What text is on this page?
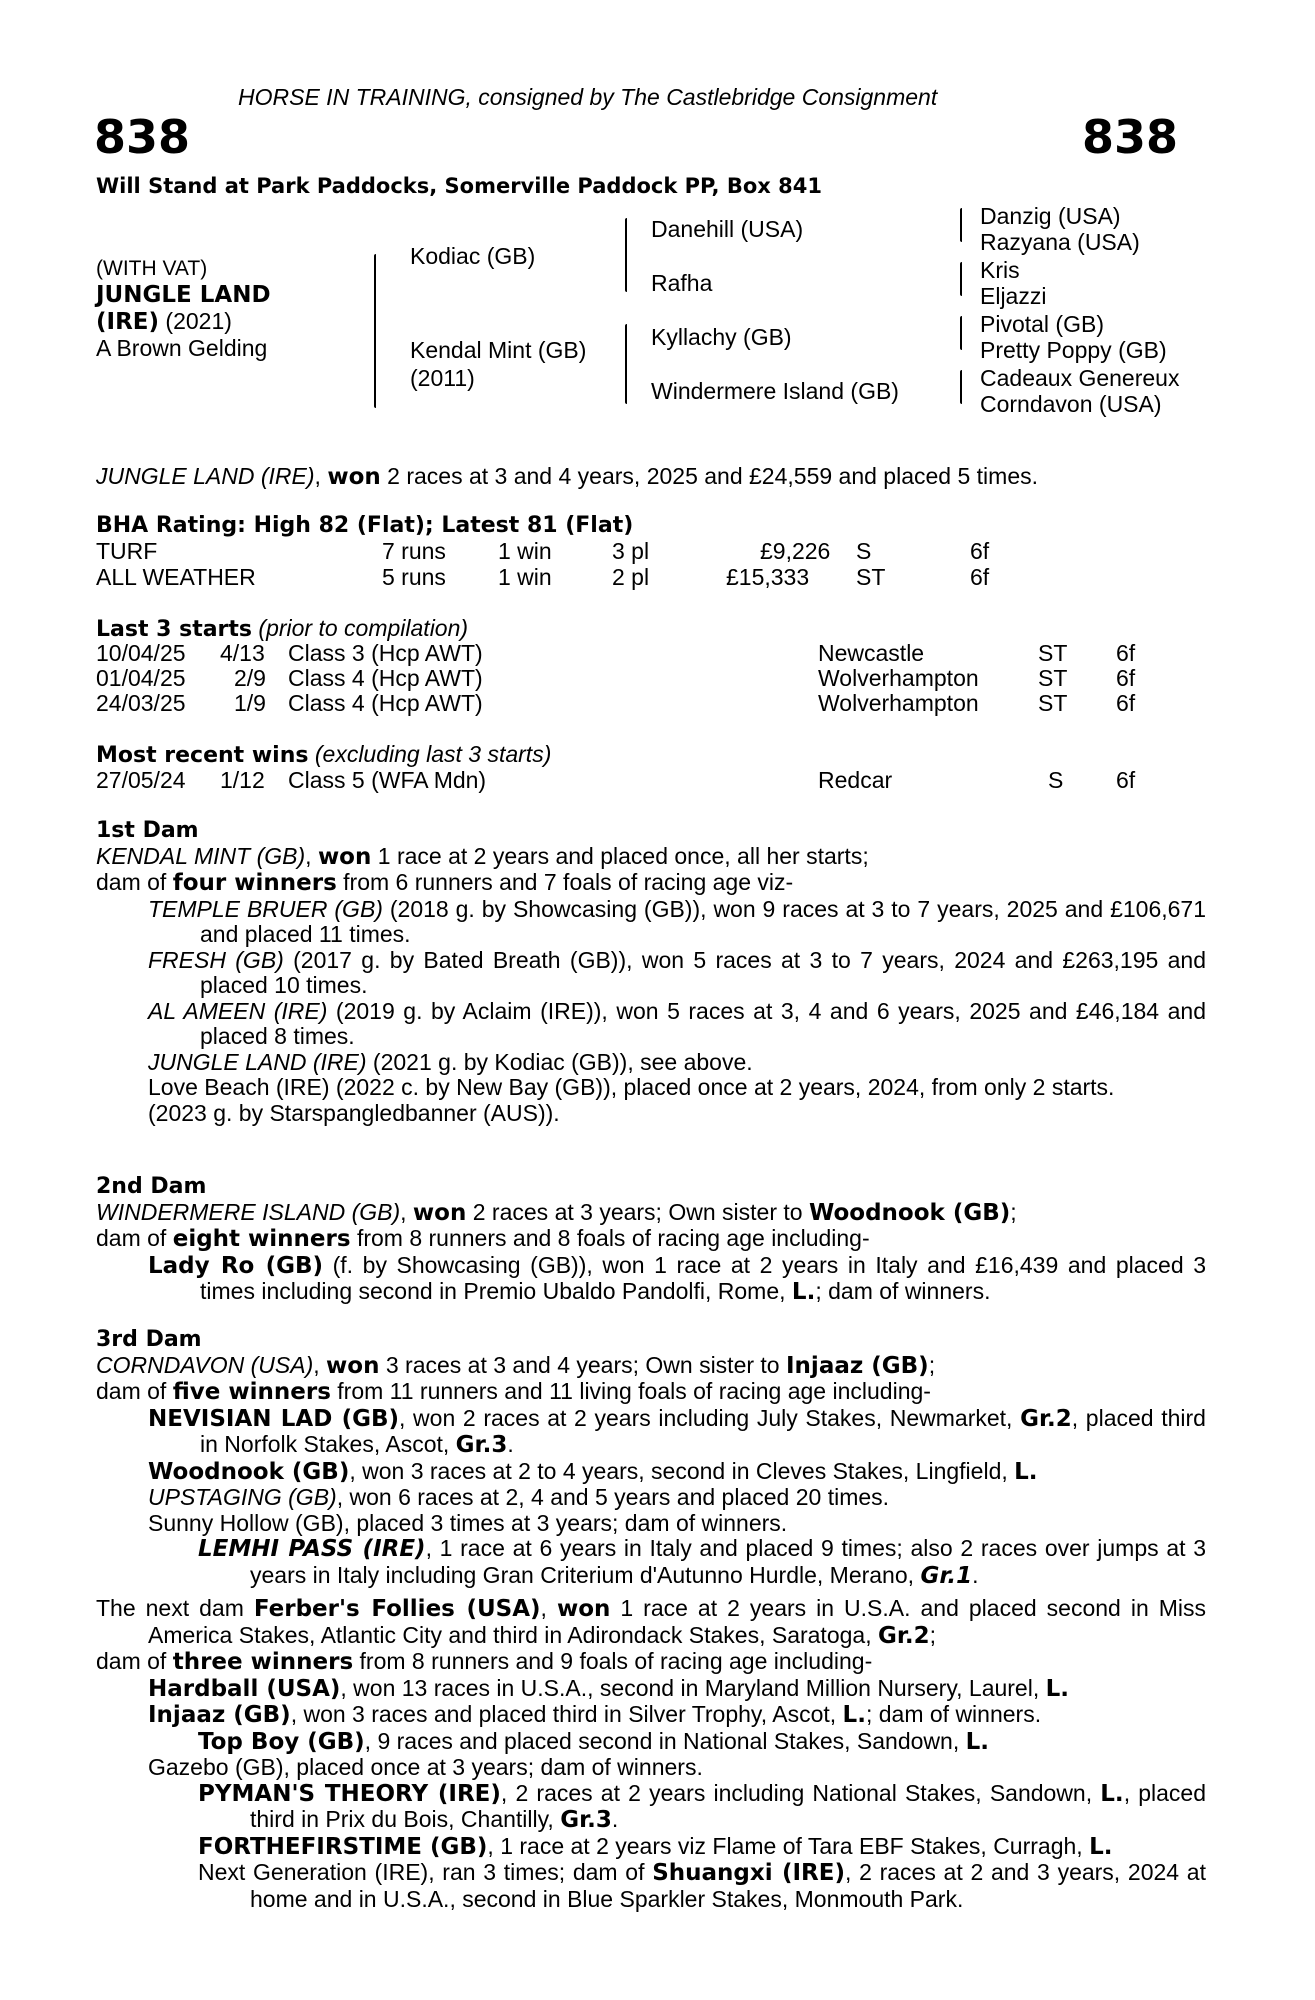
HORSE IN TRAINING, consigned by The Castlebridge Consignment
838	838
Will Stand at Park Paddocks, Somerville Paddock PP, Box 841
(WITH VAT)
JUNGLE LAND
(IRE) (2021)
A Brown Gelding
Kodiac (GB)
Kendal Mint (GB)
(2011)
Danehill (USA)
Rafha
Kyllachy (GB)
Windermere Island (GB)
Danzig (USA)
Razyana (USA)
Kris
Eljazzi
Pivotal (GB)
Pretty Poppy (GB)
Cadeaux Genereux
Corndavon (USA)
JUNGLE LAND (IRE), won 2 races at 3 and 4 years, 2025 and £24,559 and placed 5 times.
BHA Rating: High 82 (Flat); Latest 81 (Flat)
TURF	7 runs 1 win	3 pl	£9,226 S	6f
ALL WEATHER	5 runs 1 win	2 pl	£15,333 ST	6f
Last 3 starts (prior to compilation)
10/04/25 4/13 Class 3 (Hcp AWT)	Newcastle	ST 6f
01/04/25 2/9 Class 4 (Hcp AWT)	Wolverhampton	ST 6f
24/03/25 1/9 Class 4 (Hcp AWT)	Wolverhampton	ST 6f
Most recent wins (excluding last 3 starts)
27/05/24 1/12 Class 5 (WFA Mdn)	Redcar	S 6f
1st Dam
KENDAL MINT (GB), won 1 race at 2 years and placed once, all her starts;
dam of four winners from 6 runners and 7 foals of racing age viz-
TEMPLE BRUER (GB) (2018 g. by Showcasing (GB)), won 9 races at 3 to 7 years, 2025 and £106,671 and placed 11 times.
FRESH (GB) (2017 g. by Bated Breath (GB)), won 5 races at 3 to 7 years, 2024 and £263,195 and placed 10 times.
AL AMEEN (IRE) (2019 g. by Aclaim (IRE)), won 5 races at 3, 4 and 6 years, 2025 and £46,184 and placed 8 times.
JUNGLE LAND (IRE) (2021 g. by Kodiac (GB)), see above.
Love Beach (IRE) (2022 c. by New Bay (GB)), placed once at 2 years, 2024, from only 2 starts.
(2023 g. by Starspangledbanner (AUS)).
2nd Dam
WINDERMERE ISLAND (GB), won 2 races at 3 years; Own sister to Woodnook (GB);
dam of eight winners from 8 runners and 8 foals of racing age including-
Lady Ro (GB) (f. by Showcasing (GB)), won 1 race at 2 years in Italy and £16,439 and placed 3 times including second in Premio Ubaldo Pandolfi, Rome, L.; dam of winners.
3rd Dam
CORNDAVON (USA), won 3 races at 3 and 4 years; Own sister to Injaaz (GB);
dam of five winners from 11 runners and 11 living foals of racing age including-
NEVISIAN LAD (GB), won 2 races at 2 years including July Stakes, Newmarket, Gr.2, placed third in Norfolk Stakes, Ascot, Gr.3.
Woodnook (GB), won 3 races at 2 to 4 years, second in Cleves Stakes, Lingfield, L.
UPSTAGING (GB), won 6 races at 2, 4 and 5 years and placed 20 times.
Sunny Hollow (GB), placed 3 times at 3 years; dam of winners.
LEMHI PASS (IRE), 1 race at 6 years in Italy and placed 9 times; also 2 races over jumps at 3 years in Italy including Gran Criterium d'Autunno Hurdle, Merano, Gr.1.
The next dam Ferber's Follies (USA), won 1 race at 2 years in U.S.A. and placed second in Miss America Stakes, Atlantic City and third in Adirondack Stakes, Saratoga, Gr.2;
dam of three winners from 8 runners and 9 foals of racing age including-
Hardball (USA), won 13 races in U.S.A., second in Maryland Million Nursery, Laurel, L.
Injaaz (GB), won 3 races and placed third in Silver Trophy, Ascot, L.; dam of winners.
Top Boy (GB), 9 races and placed second in National Stakes, Sandown, L.
Gazebo (GB), placed once at 3 years; dam of winners.
PYMAN'S THEORY (IRE), 2 races at 2 years including National Stakes, Sandown, L., placed third in Prix du Bois, Chantilly, Gr.3.
FORTHEFIRSTIME (GB), 1 race at 2 years viz Flame of Tara EBF Stakes, Curragh, L.
Next Generation (IRE), ran 3 times; dam of Shuangxi (IRE), 2 races at 2 and 3 years, 2024 at home and in U.S.A., second in Blue Sparkler Stakes, Monmouth Park.
